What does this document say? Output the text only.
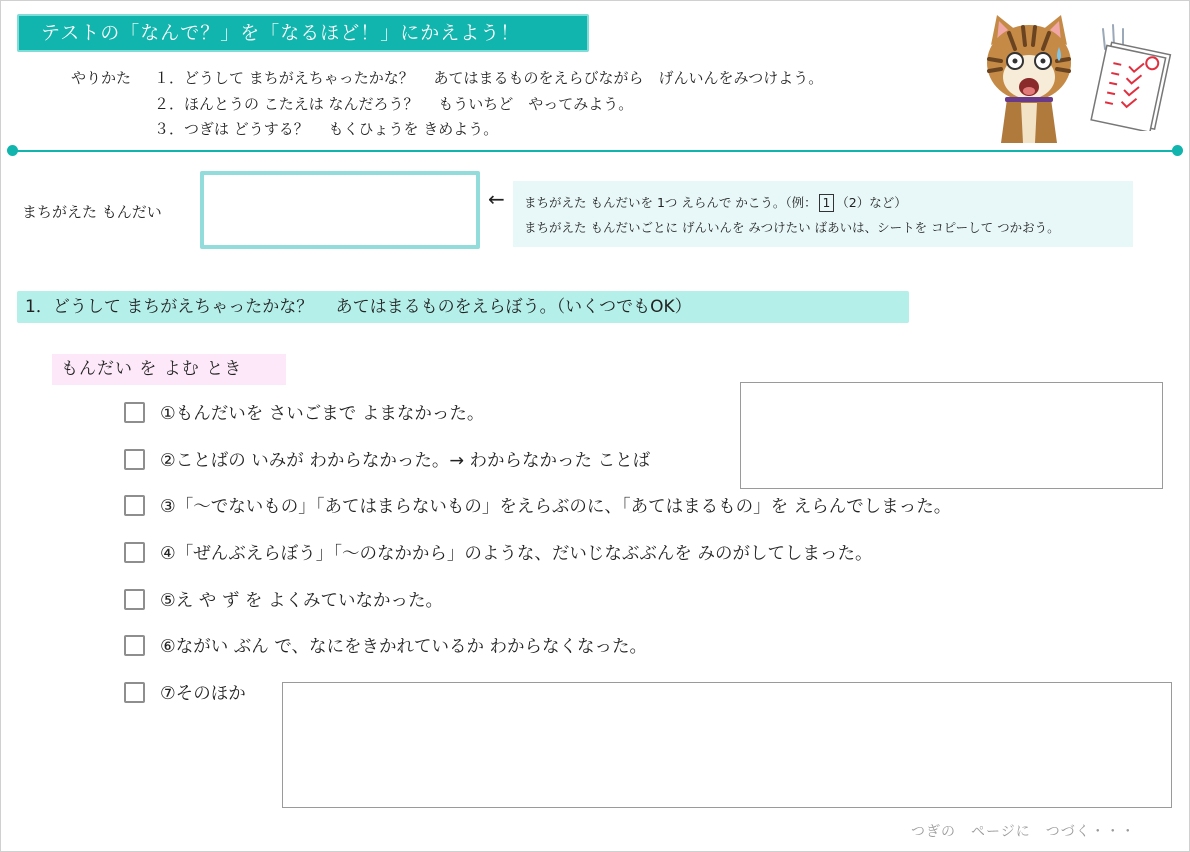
テストの「なんで？」を「なるほど！」にかえよう！
やりかた １．どうして まちがえちゃったかな？　 あてはまるものをえらびながら　げんいんをみつけよう。
２．ほんとうの こたえは なんだろう？　 もういちど　やってみよう。
３．つぎは どうする？　 もくひょうを きめよう。
まちがえた もんだい
← まちがえた もんだいを 1つ えらんで かこう。（例： 1 （2）など）
まちがえた もんだいごとに げんいんを みつけたい ばあいは、シートを コピーして つかおう。
1．どうして まちがえちゃったかな？　 あてはまるものをえらぼう。（いくつでもOK）
もんだい を よむ とき
①もんだいを さいごまで よまなかった。
②ことばの いみが わからなかった。→ わからなかった ことば
③「〜でないもの」「あてはまらないもの」をえらぶのに、「あてはまるもの」を えらんでしまった。
④「ぜんぶえらぼう」「〜のなかから」のような、だいじなぶぶんを みのがしてしまった。
⑤え や ず を よくみていなかった。
⑥ながい ぶん で、なにをきかれているか わからなくなった。
⑦そのほか
つぎの　ページに　つづく・・・
